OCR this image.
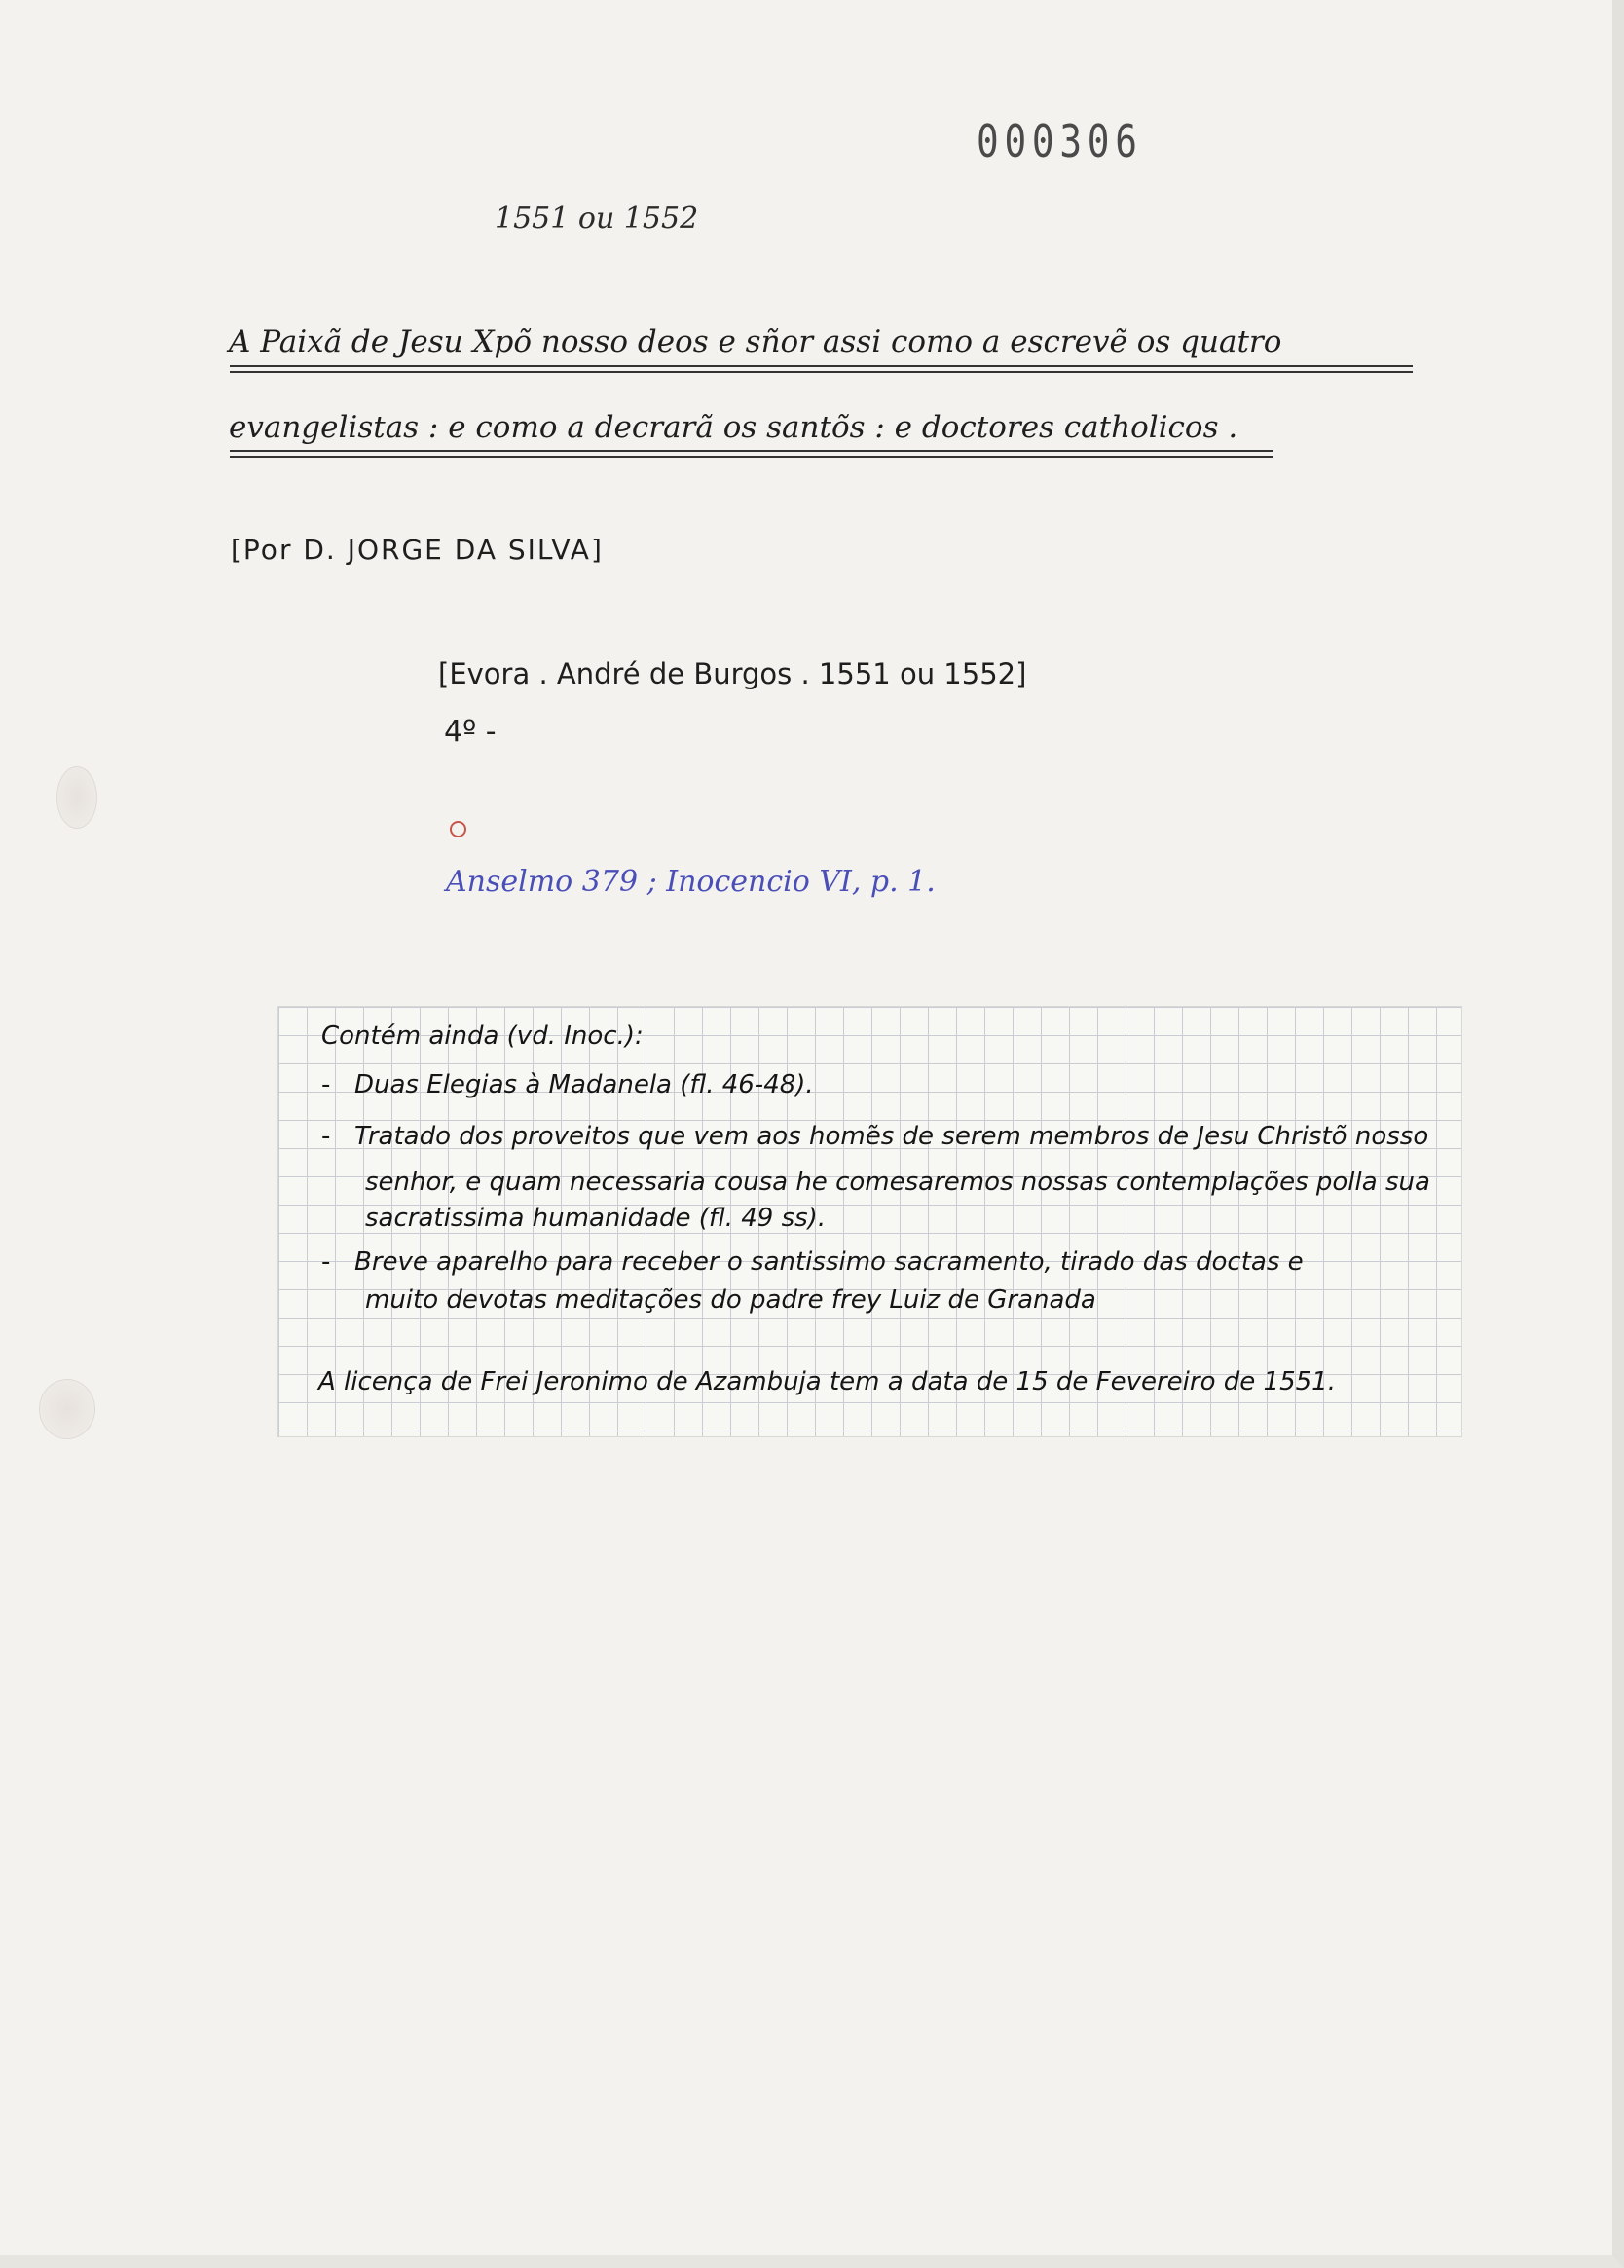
000306
1551 ou 1552
A Paixã de Jesu Xpõ nosso deos e sñor assi como a escrevẽ os quatro
evangelistas : e como a decrarã os santõs : e doctores catholicos .
[Por D. JORGE DA SILVA]
[Evora . André de Burgos . 1551 ou 1552]
4º -
Anselmo 379 ; Inocencio VI, p. 1.
Contém ainda (vd. Inoc.):
- Duas Elegias à Madanela (fl. 46-48).
- Tratado dos proveitos que vem aos homẽs de serem membros de Jesu Christõ nosso
senhor, e quam necessaria cousa he comesaremos nossas contemplações polla sua
sacratissima humanidade (fl. 49 ss).
- Breve aparelho para receber o santissimo sacramento, tirado das doctas e
muito devotas meditações do padre frey Luiz de Granada
A licença de Frei Jeronimo de Azambuja tem a data de 15 de Fevereiro de 1551.
